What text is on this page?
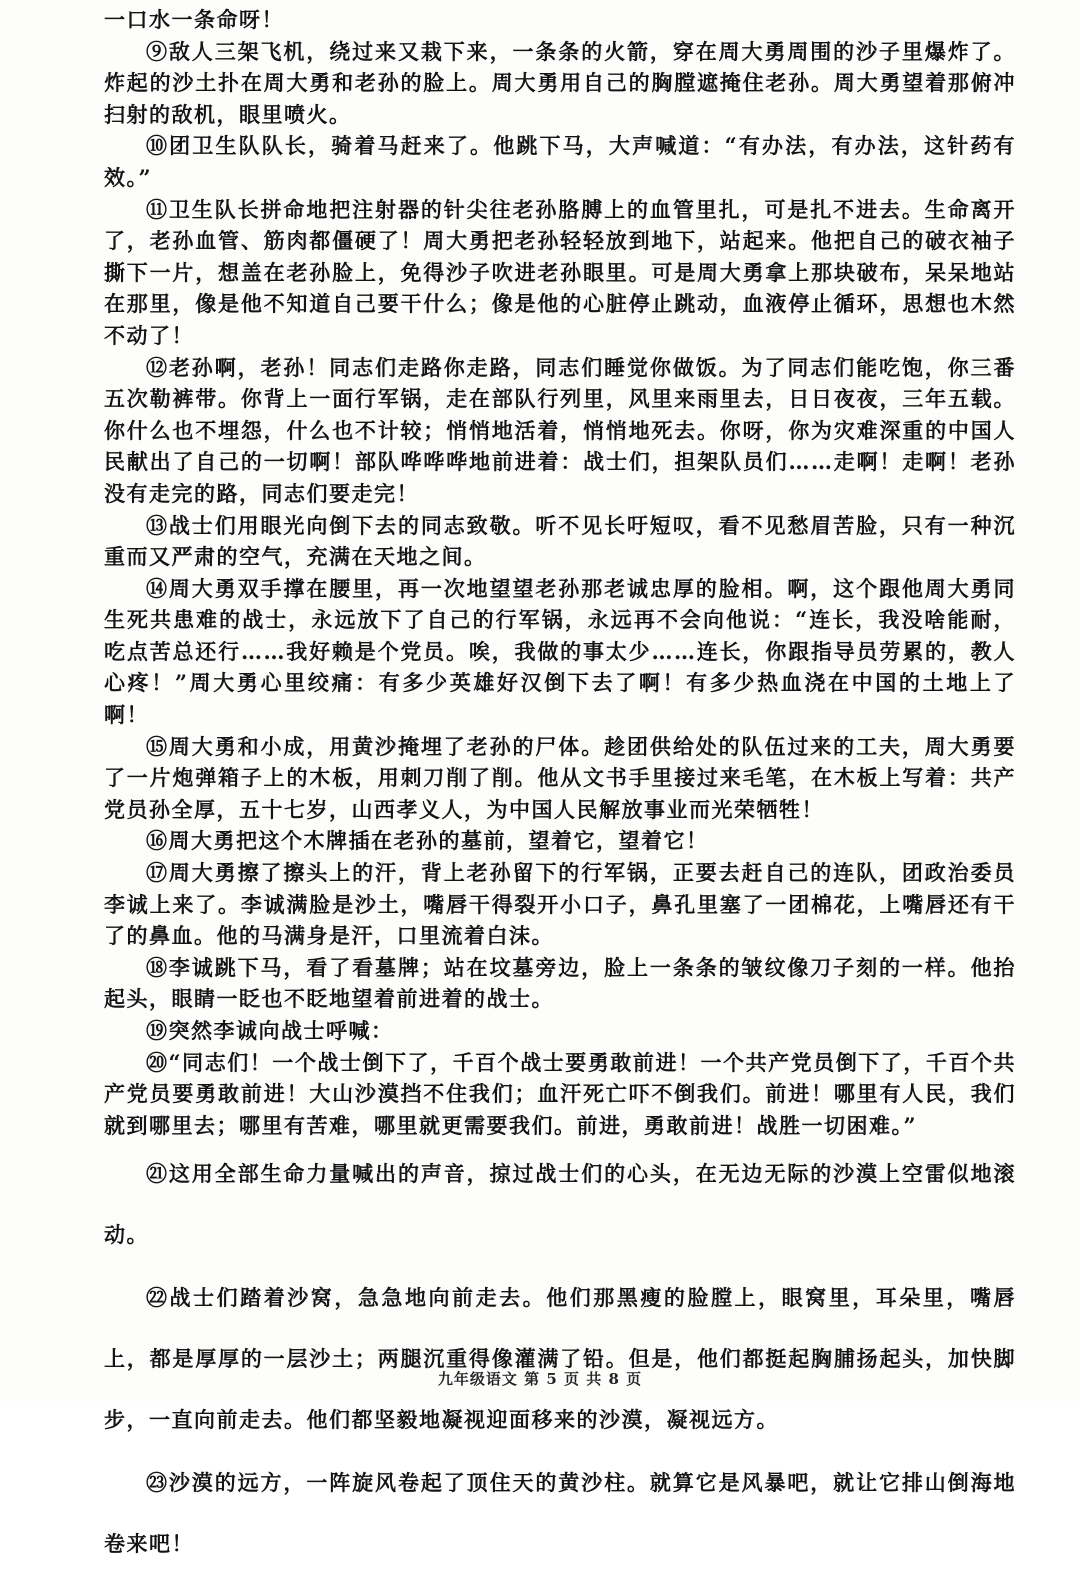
一口水一条命呀！

⑨敌人三架飞机，绕过来又栽下来，一条条的火箭，穿在周大勇周围的沙子里爆炸了。炸起的沙土扑在周大勇和老孙的脸上。周大勇用自己的胸膛遮掩住老孙。周大勇望着那俯冲扫射的敌机，眼里喷火。

⑩团卫生队队长，骑着马赶来了。他跳下马，大声喊道：“有办法，有办法，这针药有效。”

⑪卫生队长拼命地把注射器的针尖往老孙胳膊上的血管里扎，可是扎不进去。生命离开了，老孙血管、筋肉都僵硬了！周大勇把老孙轻轻放到地下，站起来。他把自己的破衣袖子撕下一片，想盖在老孙脸上，免得沙子吹进老孙眼里。可是周大勇拿上那块破布，呆呆地站在那里，像是他不知道自己要干什么；像是他的心脏停止跳动，血液停止循环，思想也木然不动了！

⑫老孙啊，老孙！同志们走路你走路，同志们睡觉你做饭。为了同志们能吃饱，你三番五次勒裤带。你背上一面行军锅，走在部队行列里，风里来雨里去，日日夜夜，三年五载。你什么也不埋怨，什么也不计较；悄悄地活着，悄悄地死去。你呀，你为灾难深重的中国人民献出了自己的一切啊！部队哗哗哗地前进着：战士们，担架队员们……走啊！走啊！老孙没有走完的路，同志们要走完！

⑬战士们用眼光向倒下去的同志致敬。听不见长吁短叹，看不见愁眉苦脸，只有一种沉重而又严肃的空气，充满在天地之间。

⑭周大勇双手撑在腰里，再一次地望望老孙那老诚忠厚的脸相。啊，这个跟他周大勇同生死共患难的战士，永远放下了自己的行军锅，永远再不会向他说：“连长，我没啥能耐，吃点苦总还行……我好赖是个党员。唉，我做的事太少……连长，你跟指导员劳累的，教人心疼！”周大勇心里绞痛：有多少英雄好汉倒下去了啊！有多少热血浇在中国的土地上了啊！

⑮周大勇和小成，用黄沙掩埋了老孙的尸体。趁团供给处的队伍过来的工夫，周大勇要了一片炮弹箱子上的木板，用刺刀削了削。他从文书手里接过来毛笔，在木板上写着：共产党员孙全厚，五十七岁，山西孝义人，为中国人民解放事业而光荣牺牲！

⑯周大勇把这个木牌插在老孙的墓前，望着它，望着它！

⑰周大勇擦了擦头上的汗，背上老孙留下的行军锅，正要去赶自己的连队，团政治委员李诚上来了。李诚满脸是沙土，嘴唇干得裂开小口子，鼻孔里塞了一团棉花，上嘴唇还有干了的鼻血。他的马满身是汗，口里流着白沫。

⑱李诚跳下马，看了看墓牌；站在坟墓旁边，脸上一条条的皱纹像刀子刻的一样。他抬起头，眼睛一眨也不眨地望着前进着的战士。

⑲突然李诚向战士呼喊：

⑳“同志们！一个战士倒下了，千百个战士要勇敢前进！一个共产党员倒下了，千百个共产党员要勇敢前进！大山沙漠挡不住我们；血汗死亡吓不倒我们。前进！哪里有人民，我们就到哪里去；哪里有苦难，哪里就更需要我们。前进，勇敢前进！战胜一切困难。”

㉑这用全部生命力量喊出的声音，掠过战士们的心头，在无边无际的沙漠上空雷似地滚动。

㉒战士们踏着沙窝，急急地向前走去。他们那黑瘦的脸膛上，眼窝里，耳朵里，嘴唇上，都是厚厚的一层沙土；两腿沉重得像灌满了铅。但是，他们都挺起胸脯扬起头，加快脚步，一直向前走去。他们都坚毅地凝视迎面移来的沙漠，凝视远方。

㉓沙漠的远方，一阵旋风卷起了顶住天的黄沙柱。就算它是风暴吧，就让它排山倒海地卷来吧！

九年级语文 第 5 页 共 8 页
